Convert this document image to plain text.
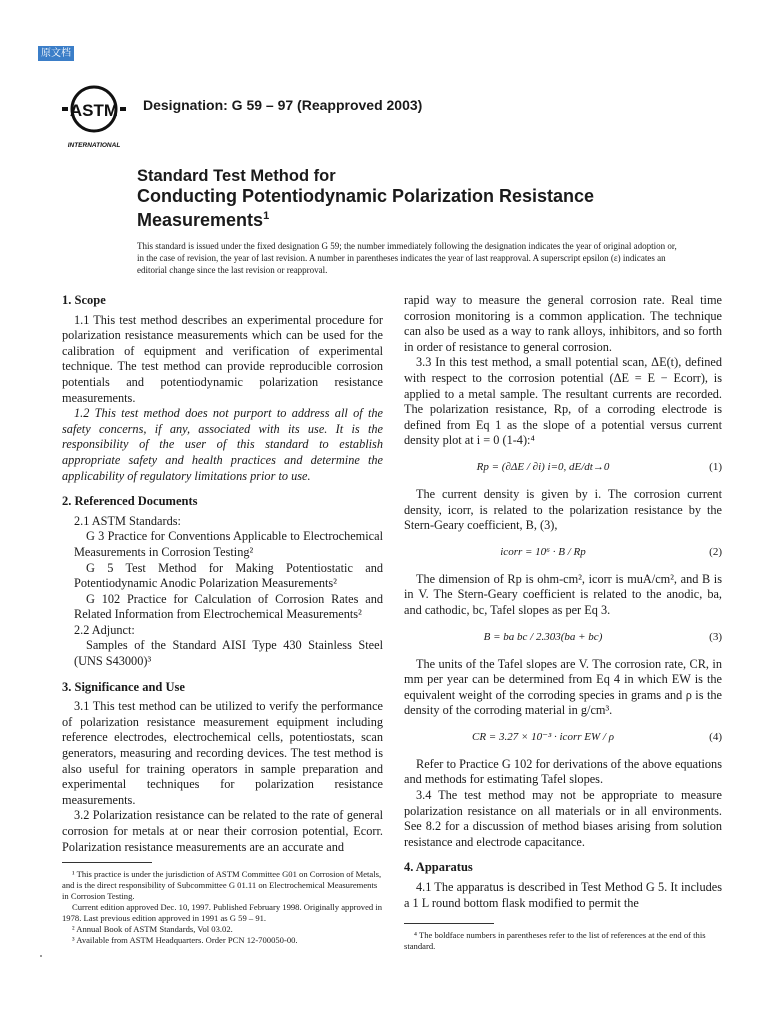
原文档
ASTM
INTERNATIONAL
Designation: G 59 – 97 (Reapproved 2003)
Standard Test Method for
Conducting Potentiodynamic Polarization Resistance
Measurements$^1$
This standard is issued under the fixed designation G 59; the number immediately following the designation indicates the year of original adoption or, in the case of revision, the year of last revision. A number in parentheses indicates the year of last reapproval. A superscript epsilon (ε) indicates an editorial change since the last revision or reapproval.
1. Scope

1.1 This test method describes an experimental procedure for polarization resistance measurements which can be used for the calibration of equipment and verification of experimental technique. The test method can provide reproducible corrosion potentials and potentiodynamic polarization resistance measurements.

1.2 This test method does not purport to address all of the safety concerns, if any, associated with its use. It is the responsibility of the user of this standard to establish appropriate safety and health practices and determine the applicability of regulatory limitations prior to use.

2. Referenced Documents

2.1 ASTM Standards:

G 3 Practice for Conventions Applicable to Electrochemical Measurements in Corrosion Testing²

G 5 Test Method for Making Potentiostatic and Potentiodynamic Anodic Polarization Measurements²

G 102 Practice for Calculation of Corrosion Rates and Related Information from Electrochemical Measurements²

2.2 Adjunct:

Samples of the Standard AISI Type 430 Stainless Steel (UNS S43000)³

3. Significance and Use

3.1 This test method can be utilized to verify the performance of polarization resistance measurement equipment including reference electrodes, electrochemical cells, potentiostats, scan generators, measuring and recording devices. The test method is also useful for training operators in sample preparation and experimental techniques for polarization resistance measurements.

3.2 Polarization resistance can be related to the rate of general corrosion for metals at or near their corrosion potential, Ecorr. Polarization resistance measurements are an accurate and

rapid way to measure the general corrosion rate. Real time corrosion monitoring is a common application. The technique can also be used as a way to rank alloys, inhibitors, and so forth in order of resistance to general corrosion.

3.3 In this test method, a small potential scan, ΔE(t), defined with respect to the corrosion potential (ΔE = E − Ecorr), is applied to a metal sample. The resultant currents are recorded. The polarization resistance, Rp, of a corroding electrode is defined from Eq 1 as the slope of a potential versus current density plot at i = 0 (1-4):⁴

Rp = (∂ΔE / ∂i) i=0, dE/dt→0	(1)

The current density is given by i. The corrosion current density, icorr, is related to the polarization resistance by the Stern-Geary coefficient, B, (3),

icorr = 10⁶ · B / Rp	(2)

The dimension of Rp is ohm-cm², icorr is muA/cm², and B is in V. The Stern-Geary coefficient is related to the anodic, ba, and cathodic, bc, Tafel slopes as per Eq 3.

B = ba bc / 2.303(ba + bc)	(3)

The units of the Tafel slopes are V. The corrosion rate, CR, in mm per year can be determined from Eq 4 in which EW is the equivalent weight of the corroding species in grams and ρ is the density of the corroding material in g/cm³.

CR = 3.27 × 10⁻³ · icorr EW / ρ	(4)

Refer to Practice G 102 for derivations of the above equations and methods for estimating Tafel slopes.

3.4 The test method may not be appropriate to measure polarization resistance on all materials or in all environments. See 8.2 for a discussion of method biases arising from solution resistance and electrode capacitance.

4. Apparatus

4.1 The apparatus is described in Test Method G 5. It includes a 1 L round bottom flask modified to permit the

¹ This practice is under the jurisdiction of ASTM Committee G01 on Corrosion of Metals, and is the direct responsibility of Subcommittee G 01.11 on Electrochemical Measurements in Corrosion Testing.

Current edition approved Dec. 10, 1997. Published February 1998. Originally approved in 1978. Last previous edition approved in 1991 as G 59 – 91.

² Annual Book of ASTM Standards, Vol 03.02.

³ Available from ASTM Headquarters. Order PCN 12-700050-00.	⁴ The boldface numbers in parentheses refer to the list of references at the end of this standard.
